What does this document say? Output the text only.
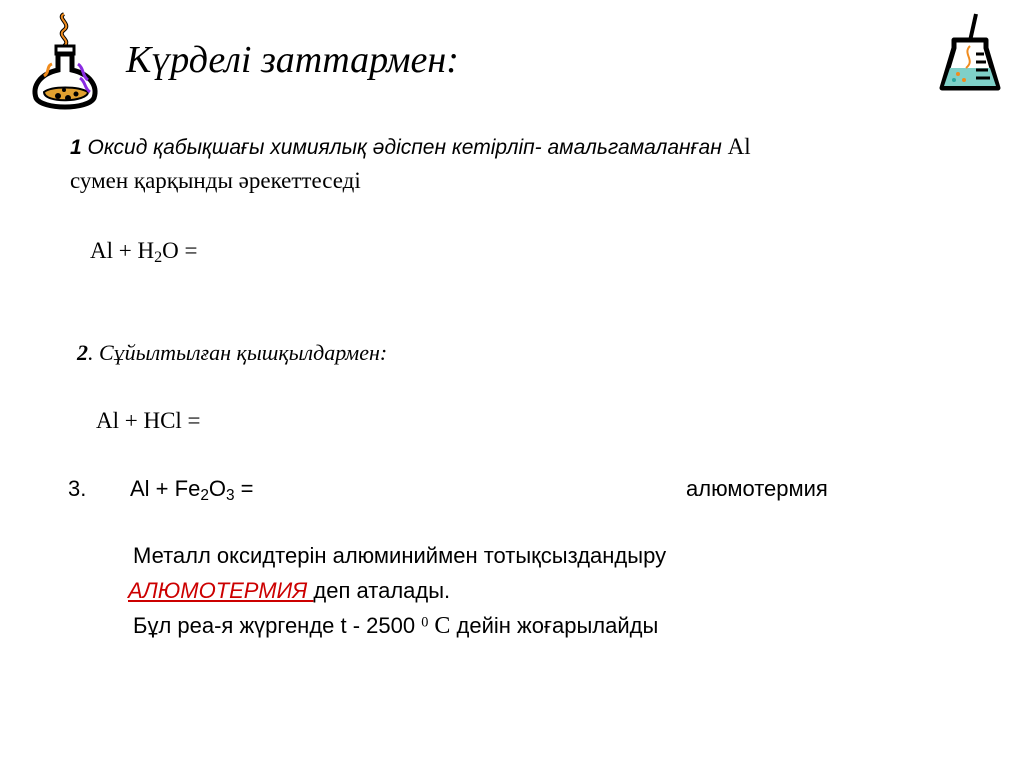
Күрделі заттармен:
1 Оксид қабықшағы химиялық әдіспен кетірліп- амальгамаланған Al
сумен қарқынды әрекеттеседі
$Al + H_2O$ =
2. Сұйылтылған қышқылдармен:
Al + HCl =
3. $Al + Fe_2O_3$ =	алюмотермия
Металл оксидтерін алюминиймен тотықсыздандыру
АЛЮМОТЕРМИЯ деп аталады.
Бұл реа-я жүргенде t - 2500 $^0$ С дейін жоғарылайды
